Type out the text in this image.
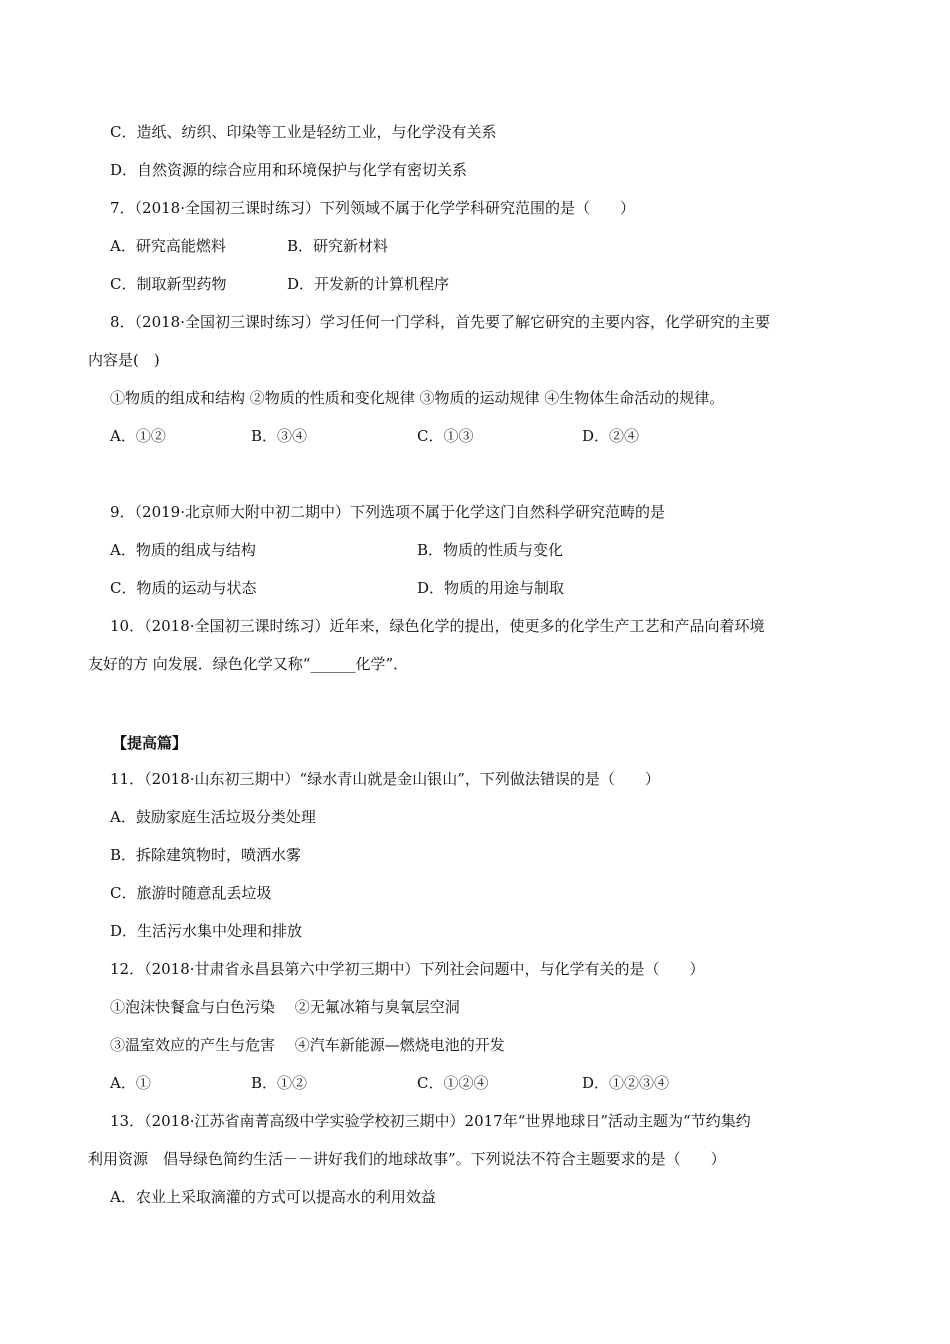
C．造纸、纺织、印染等工业是轻纺工业，与化学没有关系
D．自然资源的综合应用和环境保护与化学有密切关系
7．（2018·全国初三课时练习）下列领域不属于化学学科研究范围的是（　　）
A．研究高能燃料	B．研究新材料
C．制取新型药物	D．开发新的计算机程序
8．（2018·全国初三课时练习）学习任何一门学科，首先要了解它研究的主要内容，化学研究的主要
内容是(　)
①物质的组成和结构 ②物质的性质和变化规律 ③物质的运动规律 ④生物体生命活动的规律。
A．①②	B．③④	C．①③	D．②④
9．（2019·北京师大附中初二期中）下列选项不属于化学这门自然科学研究范畴的是
A．物质的组成与结构	B．物质的性质与变化
C．物质的运动与状态	D．物质的用途与制取
10．（2018·全国初三课时练习）近年来，绿色化学的提出，使更多的化学生产工艺和产品向着环境
友好的方 向发展．绿色化学又称“______化学”．
【提高篇】
11．（2018·山东初三期中）“绿水青山就是金山银山”，下列做法错误的是（　　）
A．鼓励家庭生活垃圾分类处理
B．拆除建筑物时，喷洒水雾
C．旅游时随意乱丢垃圾
D．生活污水集中处理和排放
12．（2018·甘肃省永昌县第六中学初三期中）下列社会问题中，与化学有关的是（　　）
①泡沫快餐盒与白色污染　 ②无氟冰箱与臭氧层空洞
③温室效应的产生与危害　 ④汽车新能源—燃烧电池的开发
A．①	B．①②	C．①②④	D．①②③④
13．（2018·江苏省南菁高级中学实验学校初三期中）2017年“世界地球日”活动主题为“节约集约
利用资源　倡导绿色简约生活－－讲好我们的地球故事”。下列说法不符合主题要求的是（　　）
A．农业上采取滴灌的方式可以提高水的利用效益
